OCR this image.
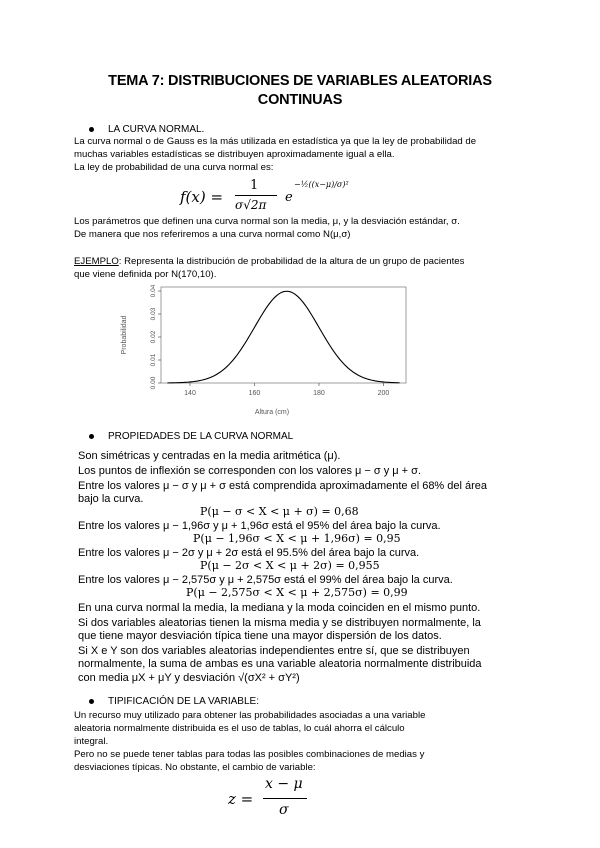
TEMA 7: DISTRIBUCIONES DE VARIABLES ALEATORIAS
CONTINUAS
LA CURVA NORMAL.
La curva normal o de Gauss es la más utilizada en estadística ya que la ley de probabilidad de
muchas variables estadísticas se distribuyen aproximadamente igual a ella.
La ley de probabilidad de una curva normal es:
f(x) =
1
σ√2π e
−½((x−μ)/σ)²
Los parámetros que definen una curva normal son la media, μ, y la desviación estándar, σ.
De manera que nos referiremos a una curva normal como N(μ,σ)
EJEMPLO: Representa la distribución de probabilidad de la altura de un grupo de pacientes
que viene definida por N(170,10).
0.00
0.01
0.02
0.03
0.04
140	160	180	200
Altura (cm)
Probabilidad
PROPIEDADES DE LA CURVA NORMAL
Son simétricas y centradas en la media aritmética (μ).
Los puntos de inflexión se corresponden con los valores μ − σ y μ + σ.
Entre los valores μ − σ y μ + σ está comprendida aproximadamente el 68% del área
bajo la curva.
P(μ − σ < X < μ + σ) = 0,68
Entre los valores μ − 1,96σ y μ + 1,96σ está el 95% del área bajo la curva.
P(μ − 1,96σ < X < μ + 1,96σ) = 0,95
Entre los valores μ − 2σ y μ + 2σ está el 95.5% del área bajo la curva.
P(μ − 2σ < X < μ + 2σ) = 0,955
Entre los valores μ − 2,575σ y μ + 2,575σ está el 99% del área bajo la curva.
P(μ − 2,575σ < X < μ + 2,575σ) = 0,99
En una curva normal la media, la mediana y la moda coinciden en el mismo punto.
Si dos variables aleatorias tienen la misma media y se distribuyen normalmente, la
que tiene mayor desviación típica tiene una mayor dispersión de los datos.
Si X e Y son dos variables aleatorias independientes entre sí, que se distribuyen
normalmente, la suma de ambas es una variable aleatoria normalmente distribuida
con media μX + μY y desviación √(σX² + σY²)
TIPIFICACIÓN DE LA VARIABLE:
Un recurso muy utilizado para obtener las probabilidades asociadas a una variable
aleatoria normalmente distribuida es el uso de tablas, lo cuál ahorra el cálculo
integral.
Pero no se puede tener tablas para todas las posibles combinaciones de medias y
desviaciones típicas. No obstante, el cambio de variable:
z =
x − μ
σ
